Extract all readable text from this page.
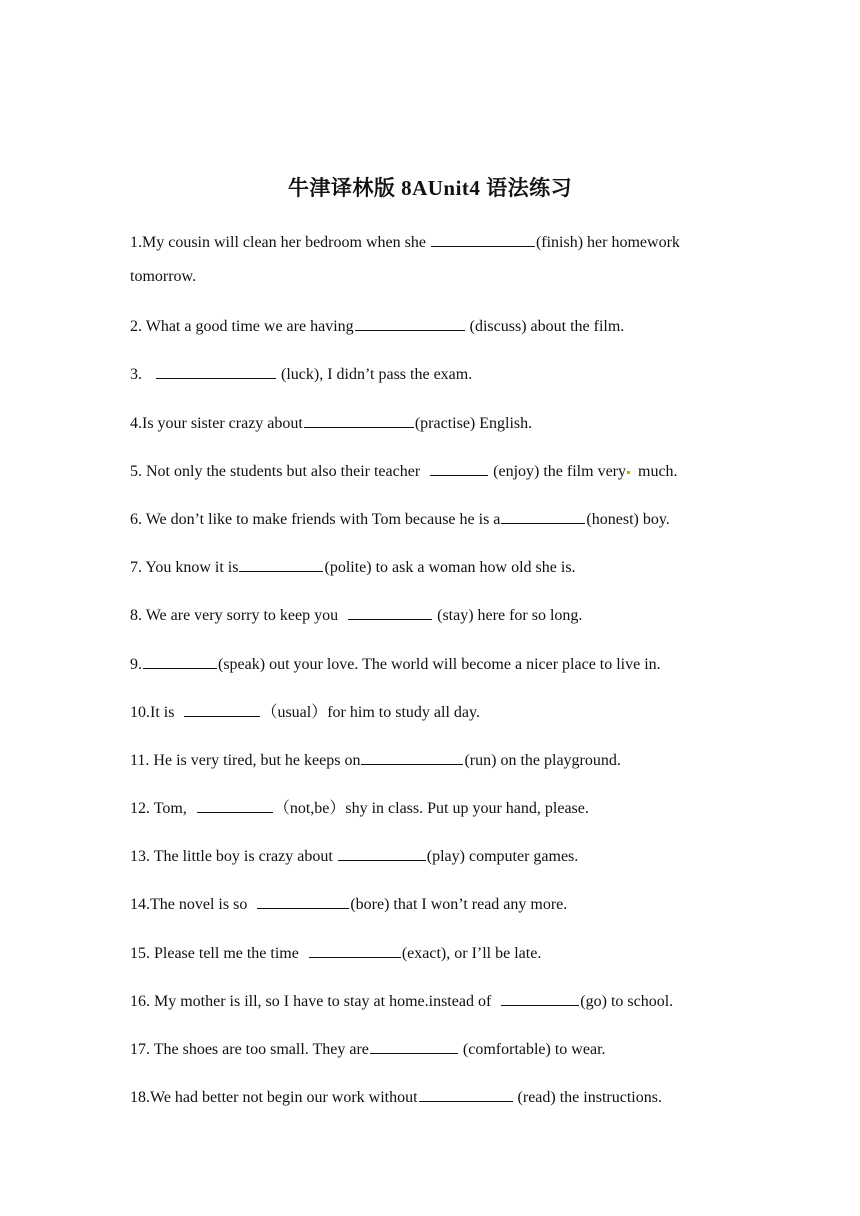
牛津译林版 8AUnit4 语法练习
1.My cousin will clean her bedroom when she	(finish) her homework
tomorrow.
2. What a good time we are having	(discuss) about the film.
3.	(luck), I didn’t pass the exam.
4.Is your sister crazy about	(practise) English.
5. Not only the students but also their teacher	(enjoy) the film very much.
6. We don’t like to make friends with Tom because he is a	(honest) boy.
7. You know it is	(polite) to ask a woman how old she is.
8. We are very sorry to keep you	(stay) here for so long.
9.	(speak) out your love. The world will become a nicer place to live in.
10.It is	（usual）for him to study all day.
11. He is very tired, but he keeps on	(run) on the playground.
12. Tom,	（not,be）shy in class. Put up your hand, please.
13. The little boy is crazy about	(play) computer games.
14.The novel is so	(bore) that I won’t read any more.
15. Please tell me the time	(exact), or I’ll be late.
16. My mother is ill, so I have to stay at home.instead of	(go) to school.
17. The shoes are too small. They are	(comfortable) to wear.
18.We had better not begin our work without	(read) the instructions.
